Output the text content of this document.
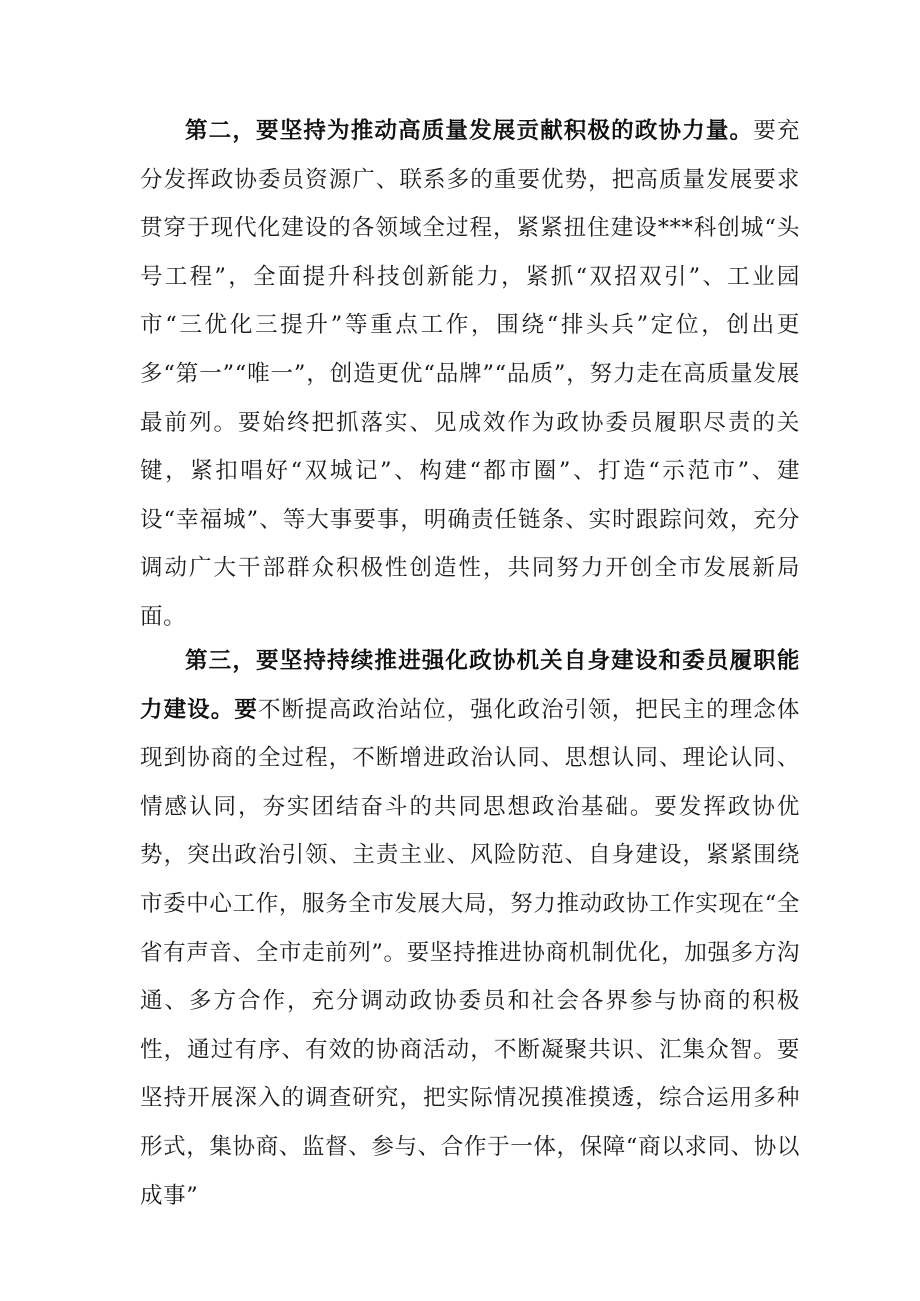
第二，要坚持为推动高质量发展贡献积极的政协力量。要充分发挥政协委员资源广、联系多的重要优势，把高质量发展要求贯穿于现代化建设的各领域全过程，紧紧扭住建设***科创城“头号工程”，全面提升科技创新能力，紧抓“双招双引”、工业园市“三优化三提升”等重点工作，围绕“排头兵”定位，创出更多“第一”“唯一”，创造更优“品牌”“品质”，努力走在高质量发展最前列。要始终把抓落实、见成效作为政协委员履职尽责的关键，紧扣唱好“双城记”、构建“都市圈”、打造“示范市”、建设“幸福城”、等大事要事，明确责任链条、实时跟踪问效，充分调动广大干部群众积极性创造性，共同努力开创全市发展新局面。

第三，要坚持持续推进强化政协机关自身建设和委员履职能力建设。要不断提高政治站位，强化政治引领，把民主的理念体现到协商的全过程，不断增进政治认同、思想认同、理论认同、情感认同，夯实团结奋斗的共同思想政治基础。要发挥政协优势，突出政治引领、主责主业、风险防范、自身建设，紧紧围绕市委中心工作，服务全市发展大局，努力推动政协工作实现在“全省有声音、全市走前列”。要坚持推进协商机制优化，加强多方沟通、多方合作，充分调动政协委员和社会各界参与协商的积极性，通过有序、有效的协商活动，不断凝聚共识、汇集众智。要坚持开展深入的调查研究，把实际情况摸准摸透，综合运用多种形式，集协商、监督、参与、合作于一体，保障“商以求同、协以成事”
